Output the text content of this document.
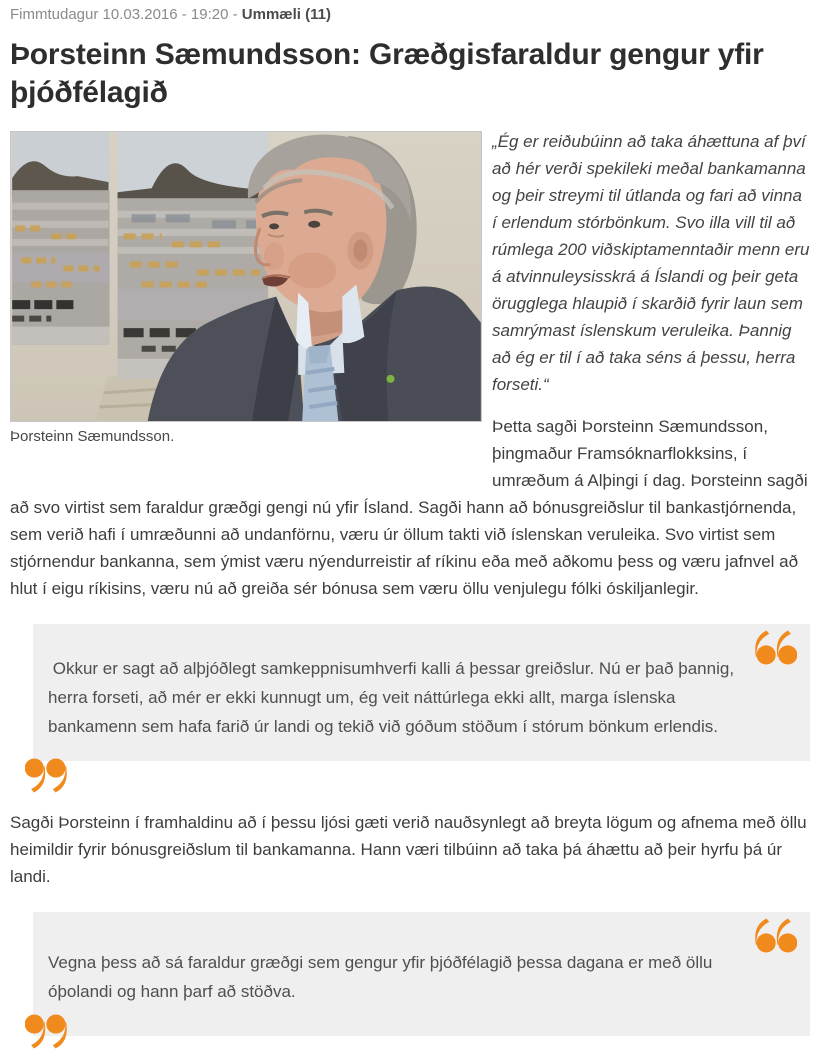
Fimmtudagur 10.03.2016 - 19:20 - Ummæli (11)
Þorsteinn Sæmundsson: Græðgisfaraldur gengur yfir þjóðfélagið
Þorsteinn Sæmundsson.

„Ég er reiðubúinn að taka áhættuna af því að hér verði spekileki meðal bankamanna og þeir streymi til útlanda og fari að vinna í erlendum stórbönkum. Svo illa vill til að rúmlega 200 viðskiptamenntaðir menn eru á atvinnuleysisskrá á Íslandi og þeir geta örugglega hlaupið í skarðið fyrir laun sem samrýmast íslenskum veruleika. Þannig að ég er til í að taka séns á þessu, herra forseti.“

Þetta sagði Þorsteinn Sæmundsson, þingmaður Framsóknarflokksins, í umræðum á Alþingi í dag. Þorsteinn sagði að svo virtist sem faraldur græðgi gengi nú yfir Ísland. Sagði hann að bónusgreiðslur til bankastjórnenda, sem verið hafi í umræðunni að undanförnu, væru úr öllum takti við íslenskan veruleika. Svo virtist sem stjórnendur bankanna, sem ýmist væru nýendurreistir af ríkinu eða með aðkomu þess og væru jafnvel að hlut í eigu ríkisins, væru nú að greiða sér bónusa sem væru öllu venjulegu fólki óskiljanlegir.

Okkur er sagt að alþjóðlegt samkeppnisumhverfi kalli á þessar greiðslur. Nú er það þannig, herra forseti, að mér er ekki kunnugt um, ég veit náttúrlega ekki allt, marga íslenska bankamenn sem hafa farið úr landi og tekið við góðum stöðum í stórum bönkum erlendis.

Sagði Þorsteinn í framhaldinu að í þessu ljósi gæti verið nauðsynlegt að breyta lögum og afnema með öllu heimildir fyrir bónusgreiðslum til bankamanna. Hann væri tilbúinn að taka þá áhættu að þeir hyrfu þá úr landi.

Vegna þess að sá faraldur græðgi sem gengur yfir þjóðfélagið þessa dagana er með öllu óþolandi og hann þarf að stöðva.
